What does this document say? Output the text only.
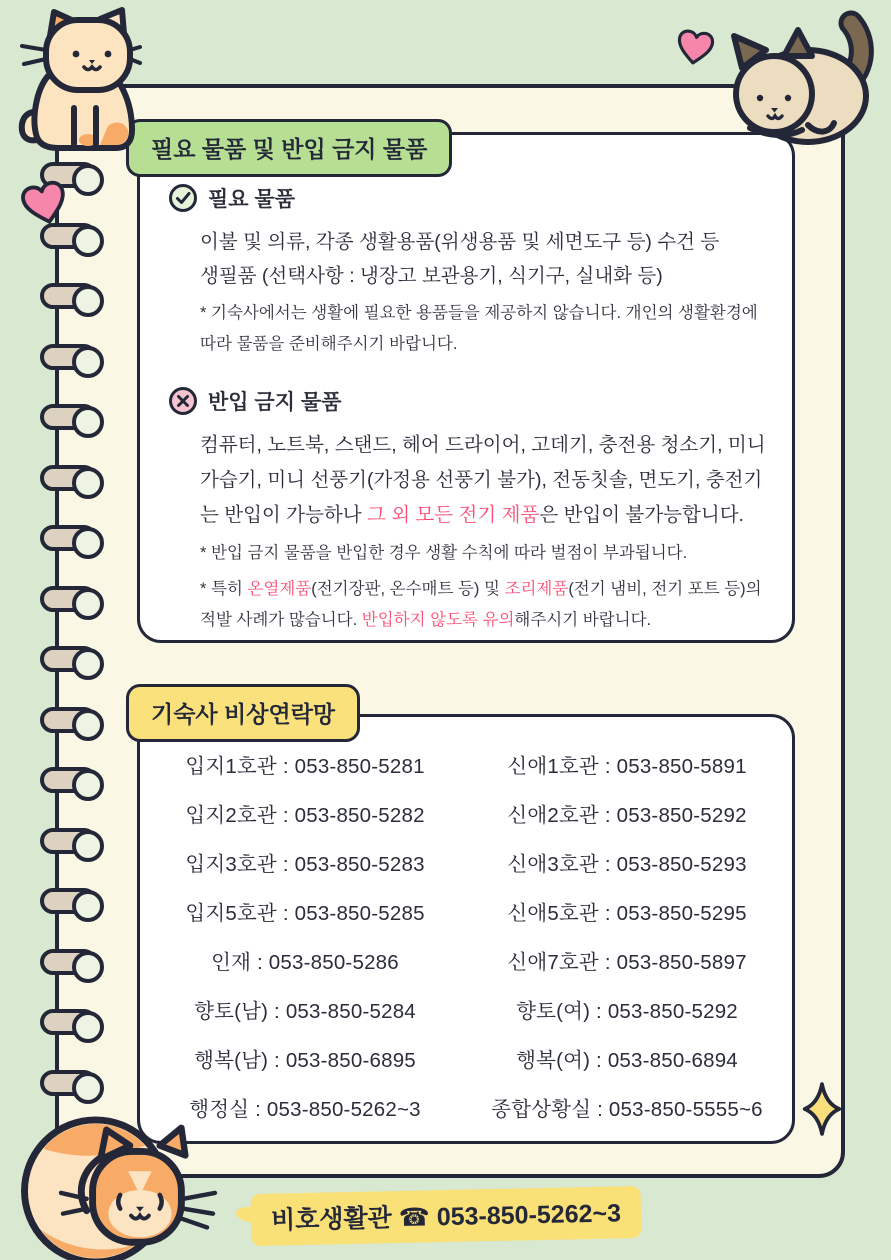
필요 물품 및 반입 금지 물품
필요 물품
이불 및 의류, 각종 생활용품(위생용품 및 세면도구 등) 수건 등
생필품 (선택사항 : 냉장고 보관용기, 식기구, 실내화 등)
* 기숙사에서는 생활에 필요한 용품들을 제공하지 않습니다. 개인의 생활환경에 따라 물품을 준비해주시기 바랍니다.
반입 금지 물품

컴퓨터, 노트북, 스탠드, 헤어 드라이어, 고데기, 충전용 청소기, 미니 가습기, 미니 선풍기(가정용 선풍기 불가), 전동칫솔, 면도기, 충전기는 반입이 가능하나 그 외 모든 전기 제품은 반입이 불가능합니다.

* 반입 금지 물품을 반입한 경우 생활 수칙에 따라 벌점이 부과됩니다.
* 특히 온열제품(전기장판, 온수매트 등) 및 조리제품(전기 냄비, 전기 포트 등)의 적발 사례가 많습니다. 반입하지 않도록 유의해주시기 바랍니다.
기숙사 비상연락망
입지1호관 : 053-850-5281	신애1호관 : 053-850-5891
입지2호관 : 053-850-5282	신애2호관 : 053-850-5292
입지3호관 : 053-850-5283	신애3호관 : 053-850-5293
입지5호관 : 053-850-5285	신애5호관 : 053-850-5295
인재 : 053-850-5286	신애7호관 : 053-850-5897
향토(남) : 053-850-5284	향토(여) : 053-850-5292
행복(남) : 053-850-6895	행복(여) : 053-850-6894
행정실 : 053-850-5262~3	종합상황실 : 053-850-5555~6
비호생활관 ☎ 053-850-5262~3
